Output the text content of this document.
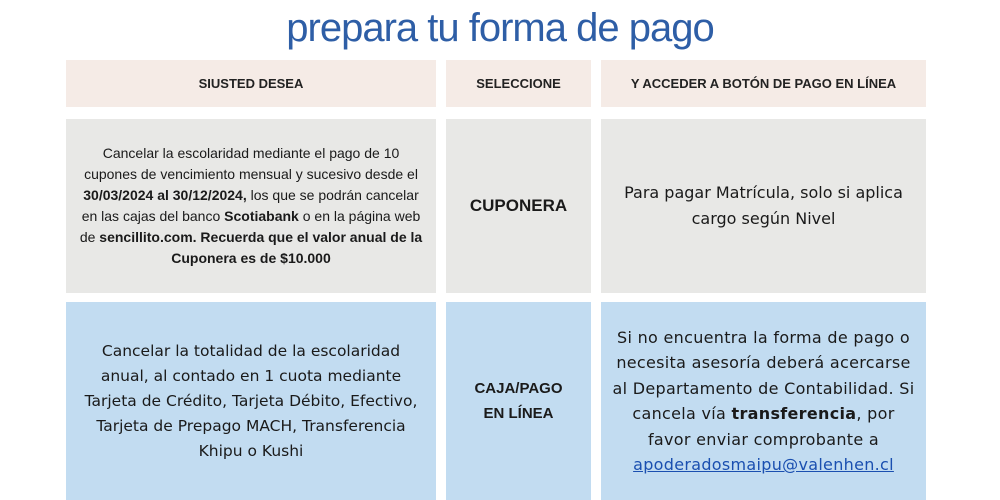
prepara tu forma de pago
SIUSTED DESEA	SELECCIONE	Y ACCEDER A BOTÓN DE PAGO EN LÍNEA
Cancelar la escolaridad mediante el pago de 10 cupones de vencimiento mensual y sucesivo desde el 30/03/2024 al 30/12/2024, los que se podrán cancelar en las cajas del banco Scotiabank o en la página web de sencillito.com. Recuerda que el valor anual de la Cuponera es de $10.000
CUPONERA
Para pagar Matrícula, solo si aplica cargo según Nivel
Cancelar la totalidad de la escolaridad anual, al contado en 1 cuota mediante Tarjeta de Crédito, Tarjeta Débito, Efectivo, Tarjeta de Prepago MACH, Transferencia Khipu o Kushi
CAJA/PAGO
EN LÍNEA
Si no encuentra la forma de pago o necesita asesoría deberá acercarse al Departamento de Contabilidad. Si cancela vía transferencia, por favor enviar comprobante a apoderadosmaipu@valenhen.cl
